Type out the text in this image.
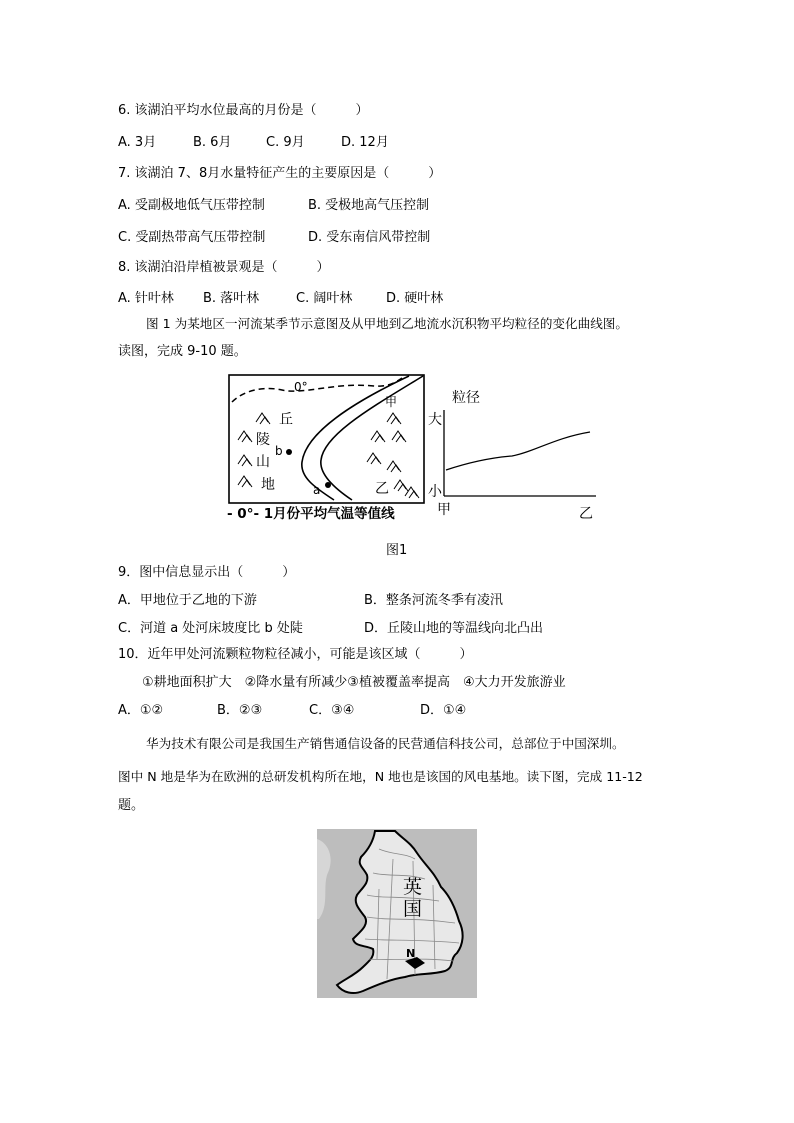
6. 该湖泊平均水位最高的月份是（　　　）
A. 3月	B. 6月	C. 9月	D. 12月
7. 该湖泊 7、8月水量特征产生的主要原因是（　　　）
A. 受副极地低气压带控制	B. 受极地高气压控制
C. 受副热带高气压带控制	D. 受东南信风带控制
8. 该湖泊沿岸植被景观是（　　　）
A. 针叶林 B. 落叶林	C. 阔叶林	D. 硬叶林
图 1 为某地区一河流某季节示意图及从甲地到乙地流水沉积物平均粒径的变化曲线图。
读图，完成 9-10 题。
0°
b
a
丘
陵
山
地
甲
乙
- 0°- 1月份平均气温等值线
粒径
大
小
甲	乙
图1
9．图中信息显示出（　　　）
A．甲地位于乙地的下游	B．整条河流冬季有凌汛
C．河道 a 处河床坡度比 b 处陡	D．丘陵山地的等温线向北凸出
10．近年甲处河流颗粒物粒径减小，可能是该区域（　　　）
①耕地面积扩大　②降水量有所减少③植被覆盖率提高　④大力开发旅游业
A．①②	B．②③	C．③④	D．①④
华为技术有限公司是我国生产销售通信设备的民营通信科技公司，总部位于中国深圳。
图中 N 地是华为在欧洲的总研发机构所在地，N 地也是该国的风电基地。读下图，完成 11-12
题。
英
国
N
